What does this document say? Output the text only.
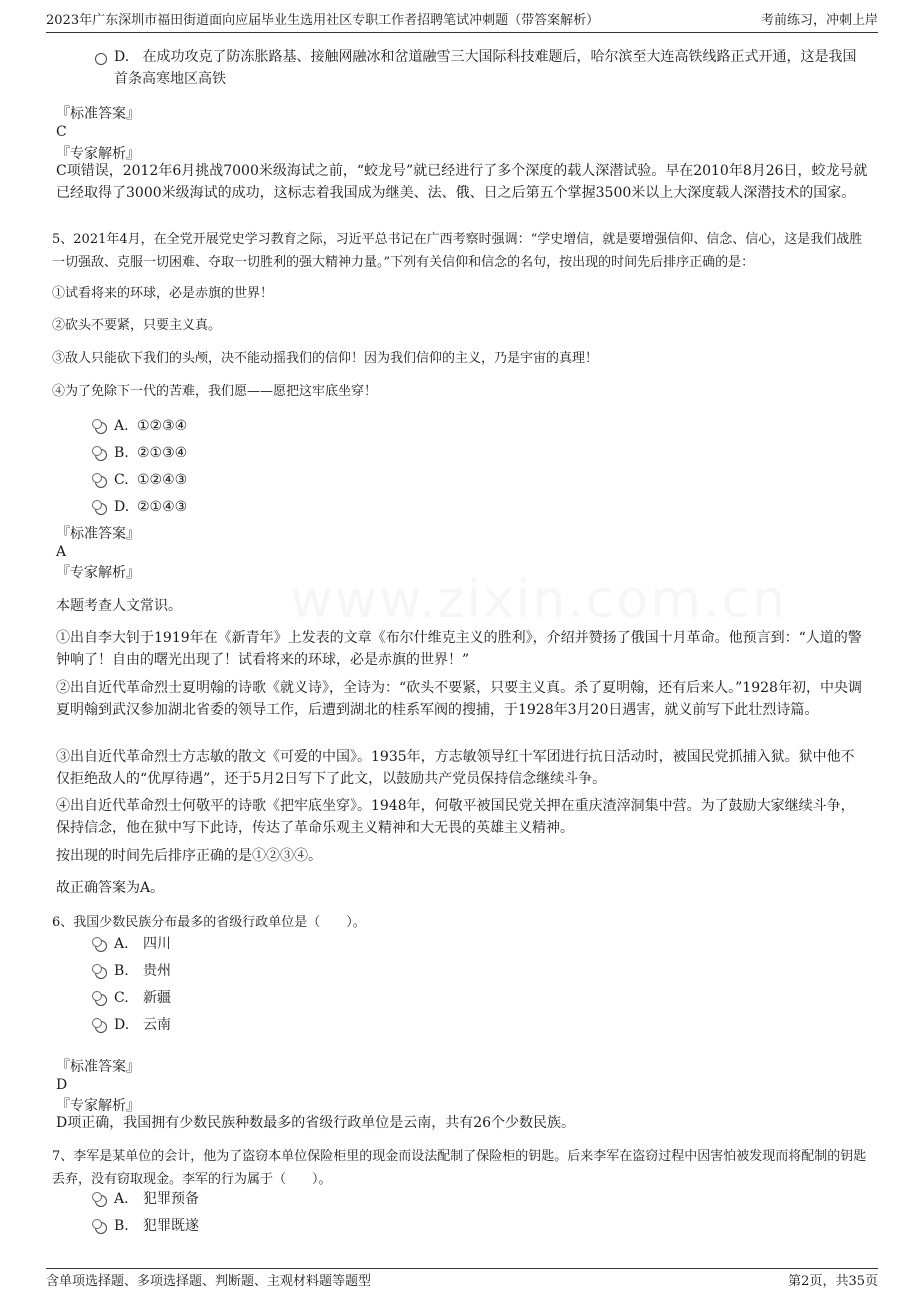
www.zixin.com.cn
2023年广东深圳市福田街道面向应届毕业生选用社区专职工作者招聘笔试冲刺题（带答案解析）	考前练习，冲刺上岸
D. 在成功攻克了防冻胀路基、接触网融冰和岔道融雪三大国际科技难题后，哈尔滨至大连高铁线路正式开通，这是我国首条高寒地区高铁
『标准答案』
C
『专家解析』
C项错误，2012年6月挑战7000米级海试之前，“蛟龙号”就已经进行了多个深度的载人深潜试验。早在2010年8月26日，蛟龙号就已经取得了3000米级海试的成功，这标志着我国成为继美、法、俄、日之后第五个掌握3500米以上大深度载人深潜技术的国家。
5、2021年4月，在全党开展党史学习教育之际，习近平总书记在广西考察时强调：“学史增信，就是要增强信仰、信念、信心，这是我们战胜一切强敌、克服一切困难、夺取一切胜利的强大精神力量。”下列有关信仰和信念的名句，按出现的时间先后排序正确的是：
①试看将来的环球，必是赤旗的世界！
②砍头不要紧，只要主义真。
③敌人只能砍下我们的头颅，决不能动摇我们的信仰！因为我们信仰的主义，乃是宇宙的真理！
④为了免除下一代的苦难，我们愿——愿把这牢底坐穿！
A. ①②③④
B. ②①③④
C. ①②④③
D. ②①④③
『标准答案』
A
『专家解析』
本题考查人文常识。
①出自李大钊于1919年在《新青年》上发表的文章《布尔什维克主义的胜利》，介绍并赞扬了俄国十月革命。他预言到：“人道的警钟响了！自由的曙光出现了！试看将来的环球，必是赤旗的世界！”
②出自近代革命烈士夏明翰的诗歌《就义诗》，全诗为：“砍头不要紧，只要主义真。杀了夏明翰，还有后来人。”1928年初，中央调夏明翰到武汉参加湖北省委的领导工作，后遭到湖北的桂系军阀的搜捕，于1928年3月20日遇害，就义前写下此壮烈诗篇。
③出自近代革命烈士方志敏的散文《可爱的中国》。1935年，方志敏领导红十军团进行抗日活动时，被国民党抓捕入狱。狱中他不仅拒绝敌人的“优厚待遇”，还于5月2日写下了此文，以鼓励共产党员保持信念继续斗争。
④出自近代革命烈士何敬平的诗歌《把牢底坐穿》。1948年，何敬平被国民党关押在重庆渣滓洞集中营。为了鼓励大家继续斗争，保持信念，他在狱中写下此诗，传达了革命乐观主义精神和大无畏的英雄主义精神。
按出现的时间先后排序正确的是①②③④。
故正确答案为A。
6、我国少数民族分布最多的省级行政单位是（　　）。
A. 四川
B. 贵州
C. 新疆
D. 云南
『标准答案』
D
『专家解析』
D项正确，我国拥有少数民族种数最多的省级行政单位是云南，共有26个少数民族。
7、李军是某单位的会计，他为了盗窃本单位保险柜里的现金而设法配制了保险柜的钥匙。后来李军在盗窃过程中因害怕被发现而将配制的钥匙丢弃，没有窃取现金。李军的行为属于（　　）。
A. 犯罪预备
B. 犯罪既遂
含单项选择题、多项选择题、判断题、主观材料题等题型	第2页，共35页
